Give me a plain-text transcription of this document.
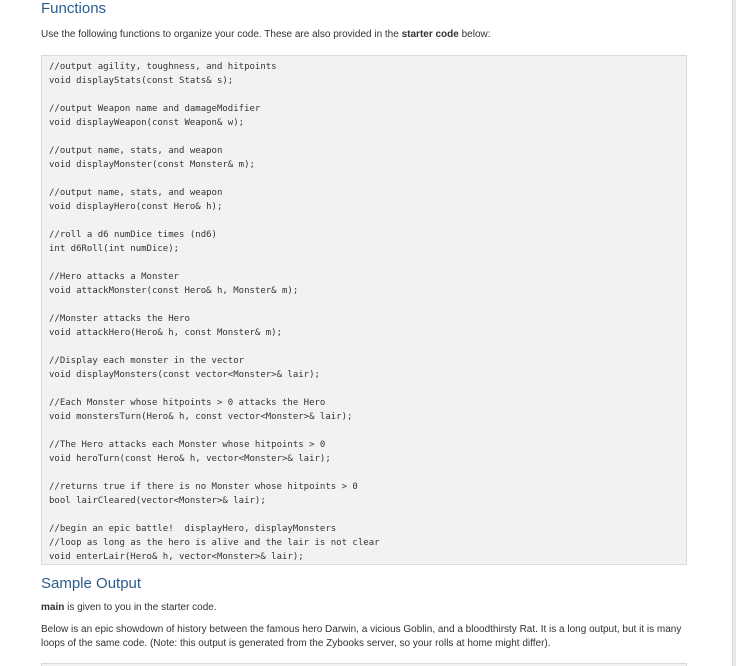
Functions

Use the following functions to organize your code. These are also provided in the starter code below:

//output agility, toughness, and hitpoints
void displayStats(const Stats& s);
//output Weapon name and damageModifier
void displayWeapon(const Weapon& w);
//output name, stats, and weapon
void displayMonster(const Monster& m);
//output name, stats, and weapon
void displayHero(const Hero& h);
//roll a d6 numDice times (nd6)
int d6Roll(int numDice);
//Hero attacks a Monster
void attackMonster(const Hero& h, Monster& m);
//Monster attacks the Hero
void attackHero(Hero& h, const Monster& m);
//Display each monster in the vector
void displayMonsters(const vector<Monster>& lair);
//Each Monster whose hitpoints > 0 attacks the Hero
void monstersTurn(Hero& h, const vector<Monster>& lair);
//The Hero attacks each Monster whose hitpoints > 0
void heroTurn(const Hero& h, vector<Monster>& lair);
//returns true if there is no Monster whose hitpoints > 0
bool lairCleared(vector<Monster>& lair);
//begin an epic battle!  displayHero, displayMonsters
//loop as long as the hero is alive and the lair is not clear
void enterLair(Hero& h, vector<Monster>& lair);
Sample Output

main is given to you in the starter code.

Below is an epic showdown of history between the famous hero Darwin, a vicious Goblin, and a bloodthirsty Rat. It is a long output, but it is many loops of the same code. (Note: this output is generated from the Zybooks server, so your rolls at home might differ).
